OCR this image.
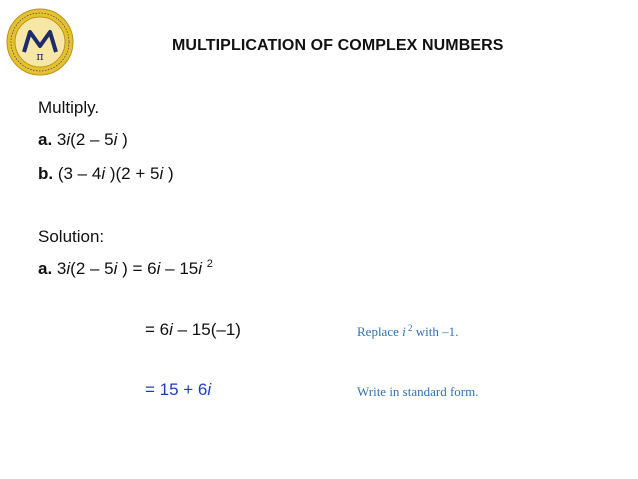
π
MULTIPLICATION OF COMPLEX NUMBERS
Multiply.
a. 3i(2 – 5i )
b. (3 – 4i )(2 + 5i )
Solution:
a. 3i(2 – 5i ) = 6i – 15i $^2$
= 6i – 15(–1)	Replace i $^2$ with –1.
= 15 + 6i	Write in standard form.
